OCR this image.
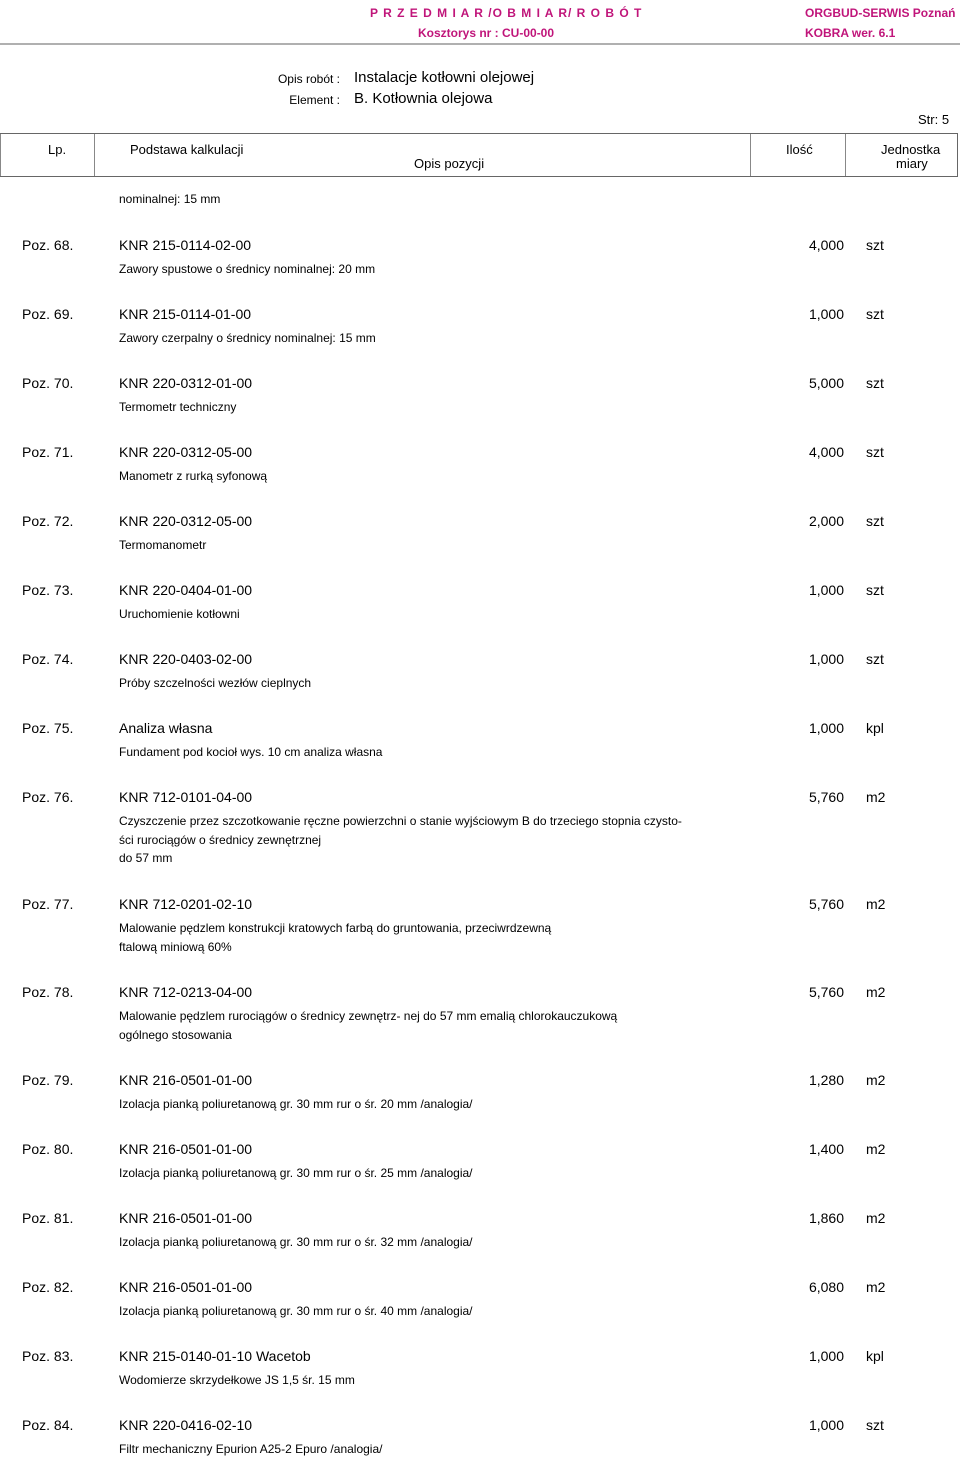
P R Z E D M I A R /O B M I A R/ R O B Ó T	ORGBUD-SERWIS Poznań
Kosztorys nr : CU-00-00	KOBRA wer. 6.1
Opis robót : Instalacje kotłowni olejowej
Element : B. Kotłownia olejowa
Str: 5
Lp.	Podstawa kalkulacji
Opis pozycji
Ilość	Jednostka
miary
nominalnej: 15 mm
Poz. 68.	KNR 215-0114-02-00	4,000 szt
Zawory spustowe o średnicy nominalnej: 20 mm
Poz. 69.	KNR 215-0114-01-00	1,000 szt
Zawory czerpalny o średnicy nominalnej: 15 mm
Poz. 70.	KNR 220-0312-01-00	5,000 szt
Termometr techniczny
Poz. 71.	KNR 220-0312-05-00	4,000 szt
Manometr z rurką syfonową
Poz. 72.	KNR 220-0312-05-00	2,000 szt
Termomanometr
Poz. 73.	KNR 220-0404-01-00	1,000 szt
Uruchomienie kotłowni
Poz. 74.	KNR 220-0403-02-00	1,000 szt
Próby szczelności wezłów cieplnych
Poz. 75.	Analiza własna	1,000 kpl
Fundament pod kocioł wys. 10 cm analiza własna
Poz. 76.	KNR 712-0101-04-00	5,760 m2
Czyszczenie przez szczotkowanie ręczne powierzchni o stanie wyjściowym B do trzeciego stopnia czysto-
ści rurociągów o średnicy zewnętrznej
do 57 mm
Poz. 77.	KNR 712-0201-02-10	5,760 m2
Malowanie pędzlem konstrukcji kratowych farbą do gruntowania, przeciwrdzewną
ftalową miniową 60%
Poz. 78.	KNR 712-0213-04-00	5,760 m2
Malowanie pędzlem rurociągów o średnicy zewnętrz- nej do 57 mm emalią chlorokauczukową
ogólnego stosowania
Poz. 79.	KNR 216-0501-01-00	1,280 m2
Izolacja pianką poliuretanową gr. 30 mm rur o śr. 20 mm /analogia/
Poz. 80.	KNR 216-0501-01-00	1,400 m2
Izolacja pianką poliuretanową gr. 30 mm rur o śr. 25 mm /analogia/
Poz. 81.	KNR 216-0501-01-00	1,860 m2
Izolacja pianką poliuretanową gr. 30 mm rur o śr. 32 mm /analogia/
Poz. 82.	KNR 216-0501-01-00	6,080 m2
Izolacja pianką poliuretanową gr. 30 mm rur o śr. 40 mm /analogia/
Poz. 83.	KNR 215-0140-01-10 Wacetob	1,000 kpl
Wodomierze skrzydełkowe JS 1,5 śr. 15 mm
Poz. 84.	KNR 220-0416-02-10	1,000 szt
Filtr mechaniczny Epurion A25-2 Epuro /analogia/
